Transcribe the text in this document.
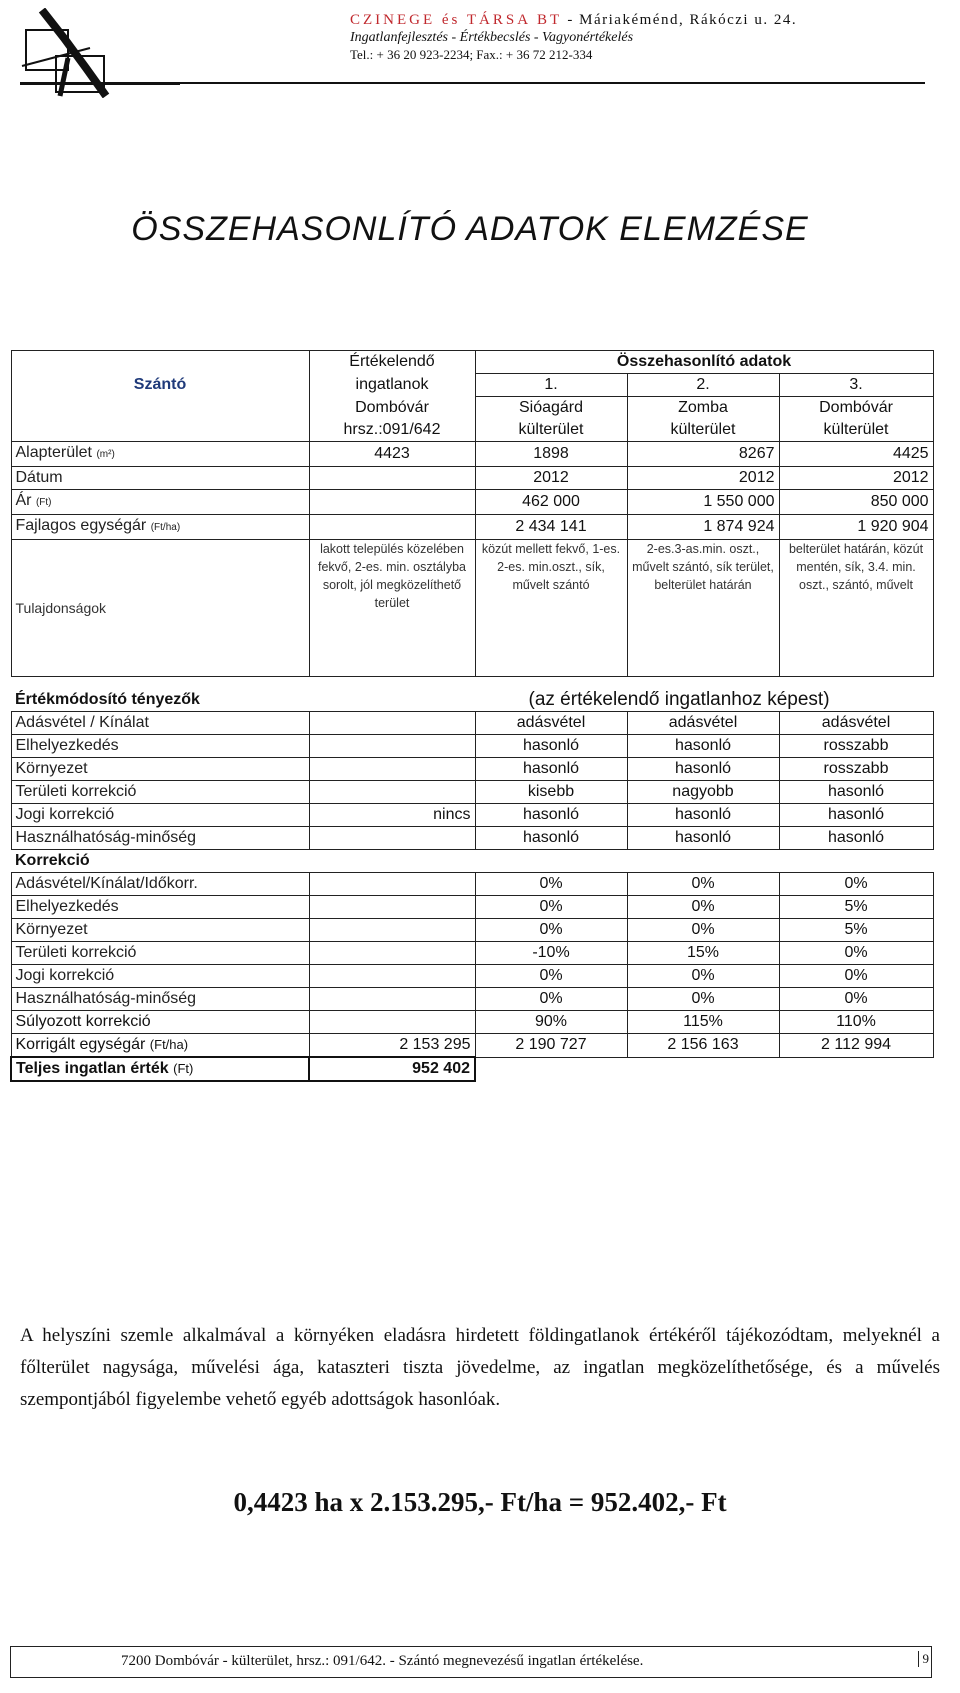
CZINEGE és TÁRSA BT - Máriakéménd, Rákóczi u. 24.
Ingatlanfejlesztés - Értékbecslés - Vagyonértékelés
Tel.: + 36 20 923-2234; Fax.: + 36 72 212-334
ÖSSZEHASONLÍTÓ ADATOK ELEMZÉSE
	Értékelendő	Összehasonlító adatok		
Szántó	ingatlanok	1.	2.	3.
	Dombóvár	Sióagárd	Zomba	Dombóvár
	hrsz.:091/642	külterület	külterület	külterület
Alapterület (m²)	4423	1898	8267	4425
Dátum		2012	2012	2012
Ár (Ft)		462 000	1 550 000	850 000
Fajlagos egységár (Ft/ha)		2 434 141	1 874 924	1 920 904
Tulajdonságok	lakott település közelében fekvő, 2-es. min. osztályba sorolt, jól megközelíthető terület	közút mellett fekvő, 1-es. 2-es. min.oszt., sík, művelt szántó	2-es.3-as.min. oszt., művelt szántó, sík terület, belterület határán	belterület határán, közút mentén, sík, 3.4. min. oszt., szántó, művelt

Értékmódosító tényezők	(az értékelendő ingatlanhoz képest)			
Adásvétel / Kínálat		adásvétel	adásvétel	adásvétel
Elhelyezkedés		hasonló	hasonló	rosszabb
Környezet		hasonló	hasonló	rosszabb
Területi korrekció		kisebb	nagyobb	hasonló
Jogi korrekció	nincs	hasonló	hasonló	hasonló
Használhatóság-minőség		hasonló	hasonló	hasonló
Korrekció				
Adásvétel/Kínálat/Időkorr.		0%	0%	0%
Elhelyezkedés		0%	0%	5%
Környezet		0%	0%	5%
Területi korrekció		-10%	15%	0%
Jogi korrekció		0%	0%	0%
Használhatóság-minőség		0%	0%	0%
Súlyozott korrekció		90%	115%	110%
Korrigált egységár (Ft/ha)	2 153 295	2 190 727	2 156 163	2 112 994
Teljes ingatlan érték (Ft)	952 402			
A helyszíni szemle alkalmával a környéken eladásra hirdetett földingatlanok értékéről tájékozódtam, melyeknél a főlterület nagysága, művelési ága, kataszteri tiszta jövedelme, az ingatlan megközelíthetősége, és a művelés szempontjából figyelembe vehető egyéb adottságok hasonlóak.
0,4423 ha x 2.153.295,- Ft/ha = 952.402,- Ft
7200 Dombóvár - külterület, hrsz.: 091/642. - Szántó megnevezésű ingatlan értékelése.	9
